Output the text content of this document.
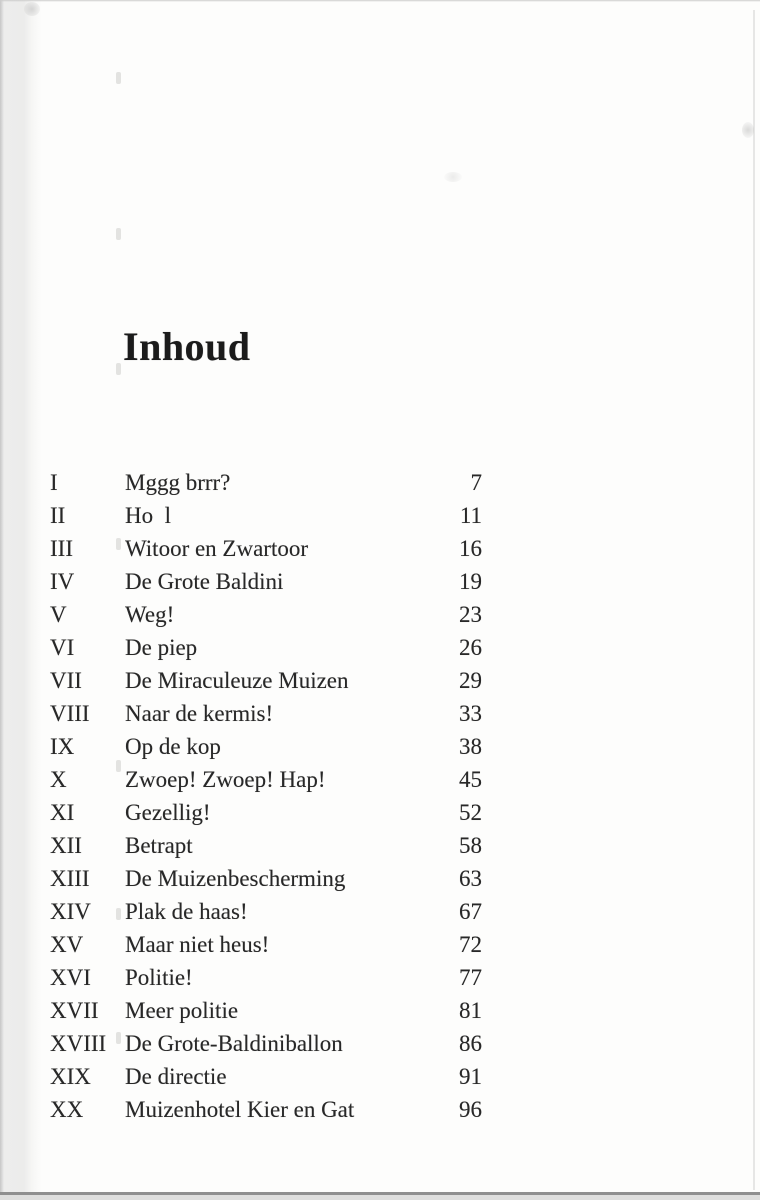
Inhoud
I	Mggg brrr?	7
II	Ho  l	11
III	Witoor en Zwartoor	16
IV	De Grote Baldini	19
V	Weg!	23
VI	De piep	26
VII	De Miraculeuze Muizen	29
VIII	Naar de kermis!	33
IX	Op de kop	38
X	Zwoep! Zwoep! Hap!	45
XI	Gezellig!	52
XII	Betrapt	58
XIII	De Muizenbescherming	63
XIV	Plak de haas!	67
XV	Maar niet heus!	72
XVI	Politie!	77
XVII	Meer politie	81
XVIII De Grote-Baldiniballon	86
XIX	De directie	91
XX	Muizenhotel Kier en Gat	96
